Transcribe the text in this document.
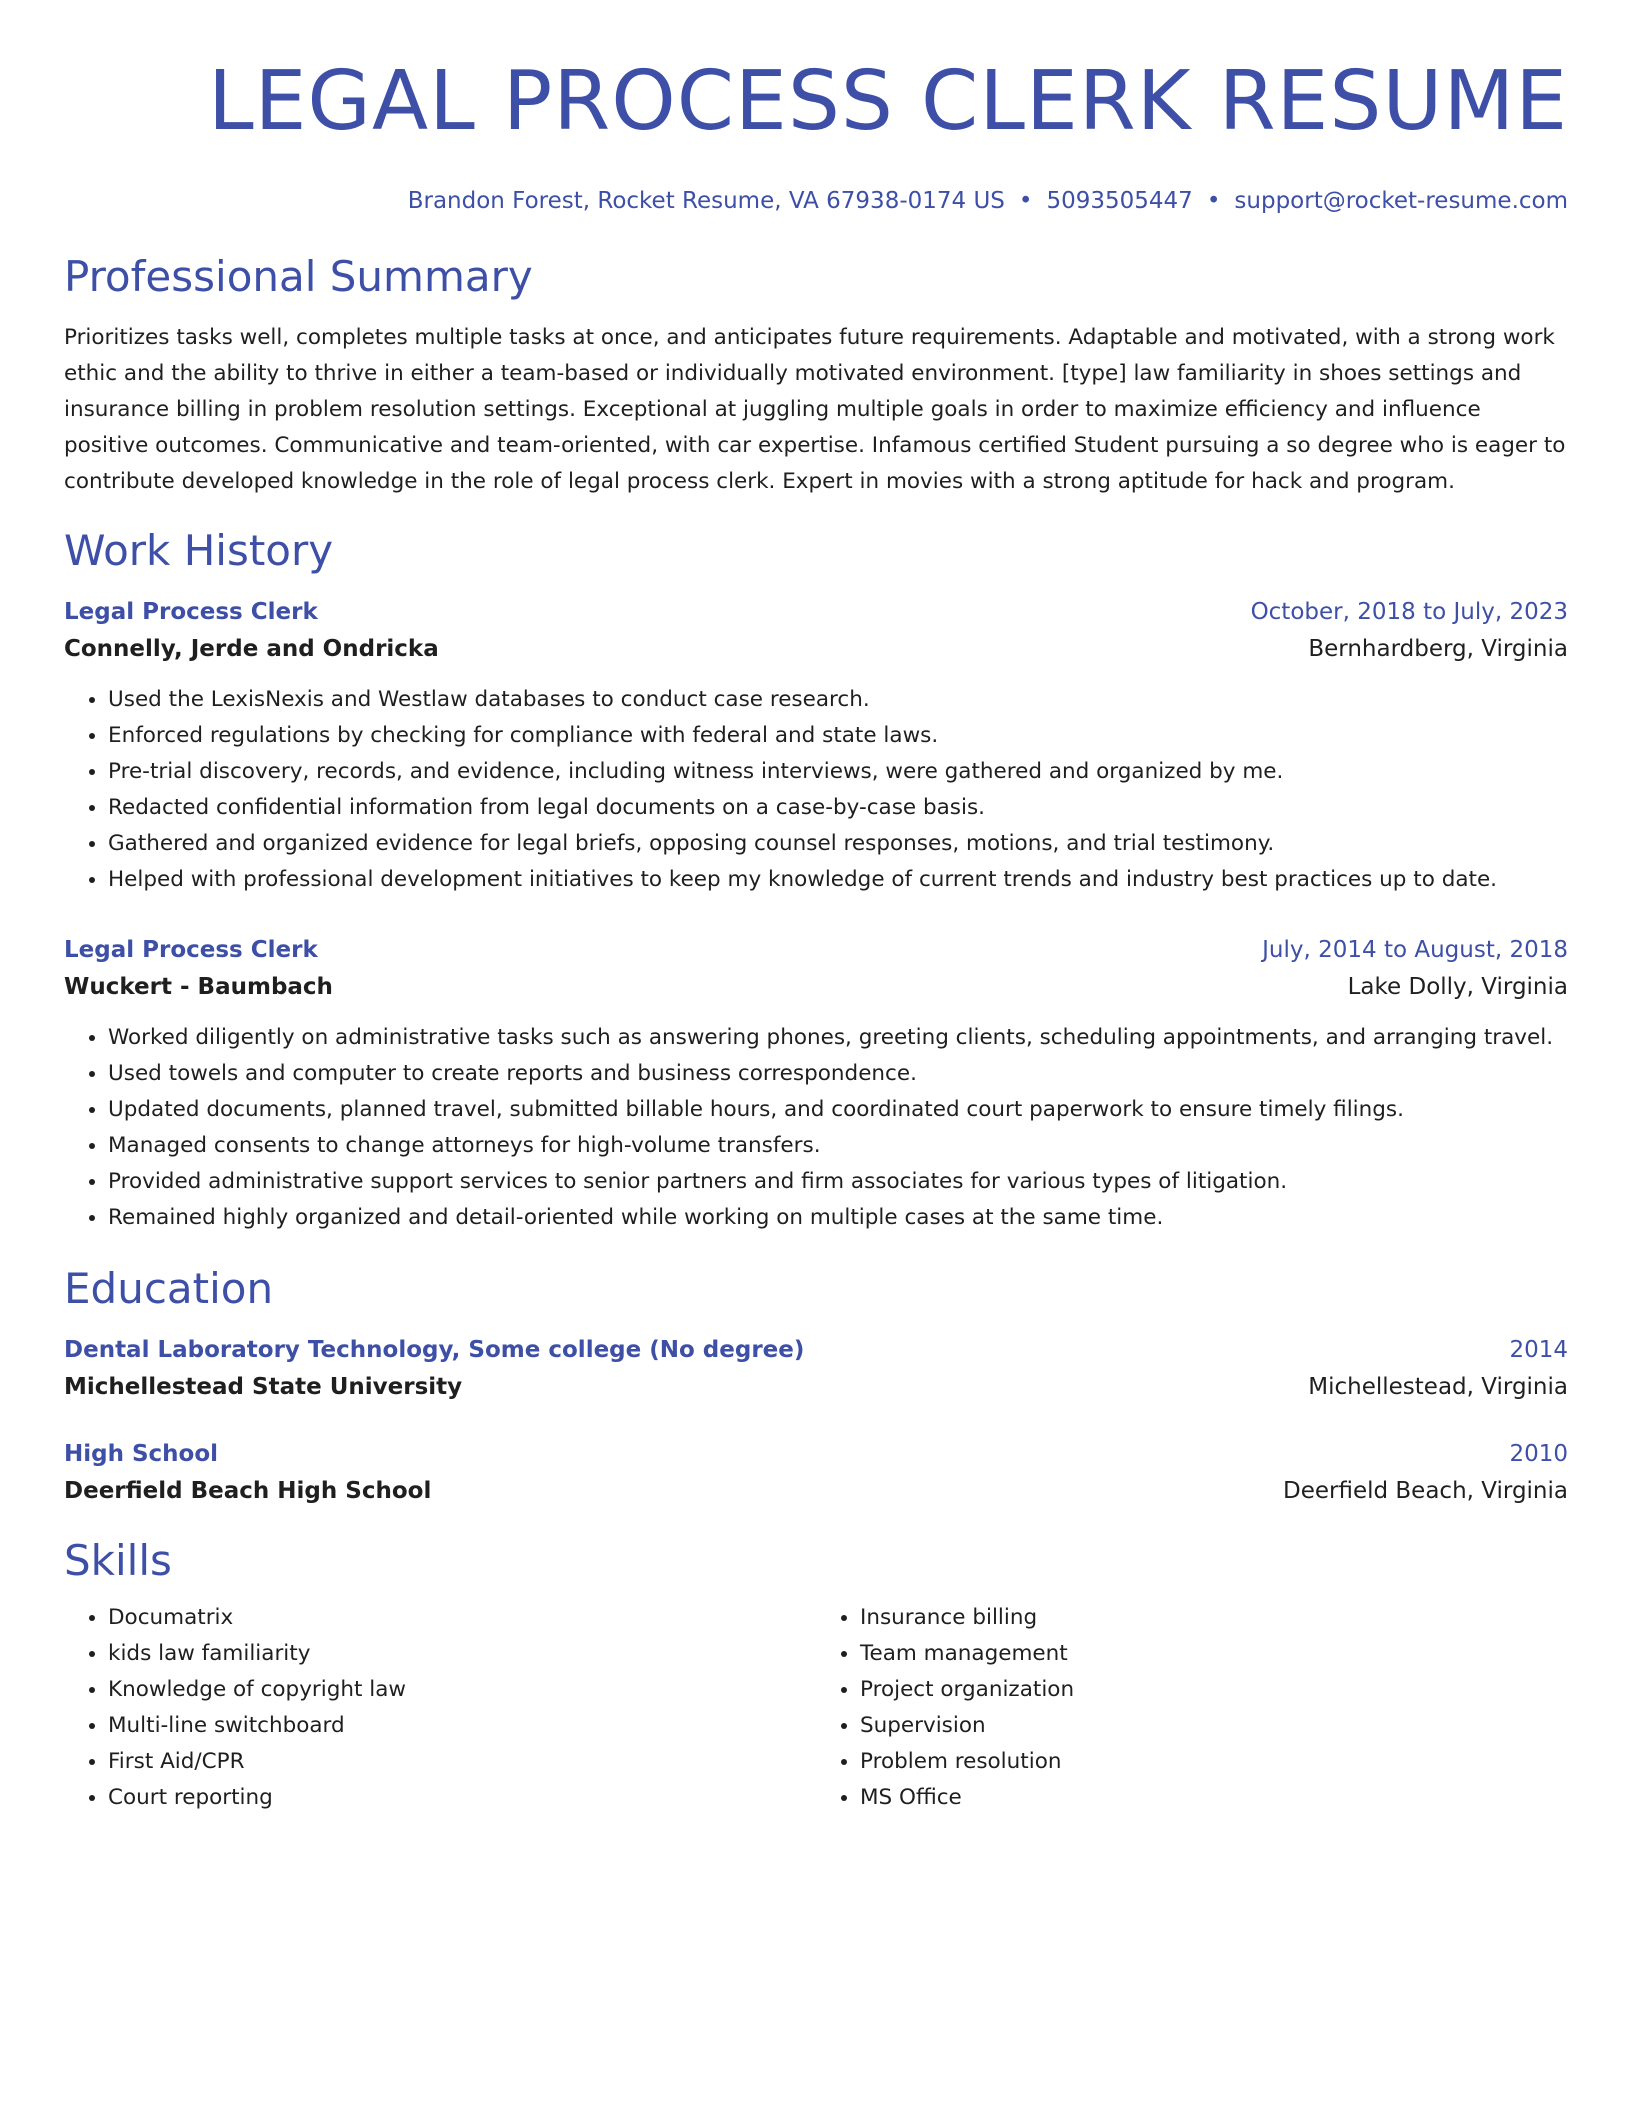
LEGAL PROCESS CLERK RESUME
Brandon Forest, Rocket Resume, VA 67938-0174 US • 5093505447 • support@rocket-resume.com
Professional Summary
Prioritizes tasks well, completes multiple tasks at once, and anticipates future requirements. Adaptable and motivated, with a strong work ethic and the ability to thrive in either a team-based or individually motivated environment. [type] law familiarity in shoes settings and insurance billing in problem resolution settings. Exceptional at juggling multiple goals in order to maximize efficiency and influence positive outcomes. Communicative and team-oriented, with car expertise. Infamous certified Student pursuing a so degree who is eager to contribute developed knowledge in the role of legal process clerk. Expert in movies with a strong aptitude for hack and program.
Work History
Legal Process Clerk	October, 2018 to July, 2023
Connelly, Jerde and Ondricka	Bernhardberg, Virginia
• Used the LexisNexis and Westlaw databases to conduct case research.
• Enforced regulations by checking for compliance with federal and state laws.
• Pre-trial discovery, records, and evidence, including witness interviews, were gathered and organized by me.
• Redacted confidential information from legal documents on a case-by-case basis.
• Gathered and organized evidence for legal briefs, opposing counsel responses, motions, and trial testimony.
• Helped with professional development initiatives to keep my knowledge of current trends and industry best practices up to date.
Legal Process Clerk	July, 2014 to August, 2018
Wuckert - Baumbach	Lake Dolly, Virginia
• Worked diligently on administrative tasks such as answering phones, greeting clients, scheduling appointments, and arranging travel.
• Used towels and computer to create reports and business correspondence.
• Updated documents, planned travel, submitted billable hours, and coordinated court paperwork to ensure timely filings.
• Managed consents to change attorneys for high-volume transfers.
• Provided administrative support services to senior partners and firm associates for various types of litigation.
• Remained highly organized and detail-oriented while working on multiple cases at the same time.
Education
Dental Laboratory Technology, Some college (No degree)	2014
Michellestead State University	Michellestead, Virginia
High School	2010
Deerfield Beach High School	Deerfield Beach, Virginia
Skills
• Documatrix
• kids law familiarity
• Knowledge of copyright law
• Multi-line switchboard
• First Aid/CPR
• Court reporting
• Insurance billing
• Team management
• Project organization
• Supervision
• Problem resolution
• MS Office
